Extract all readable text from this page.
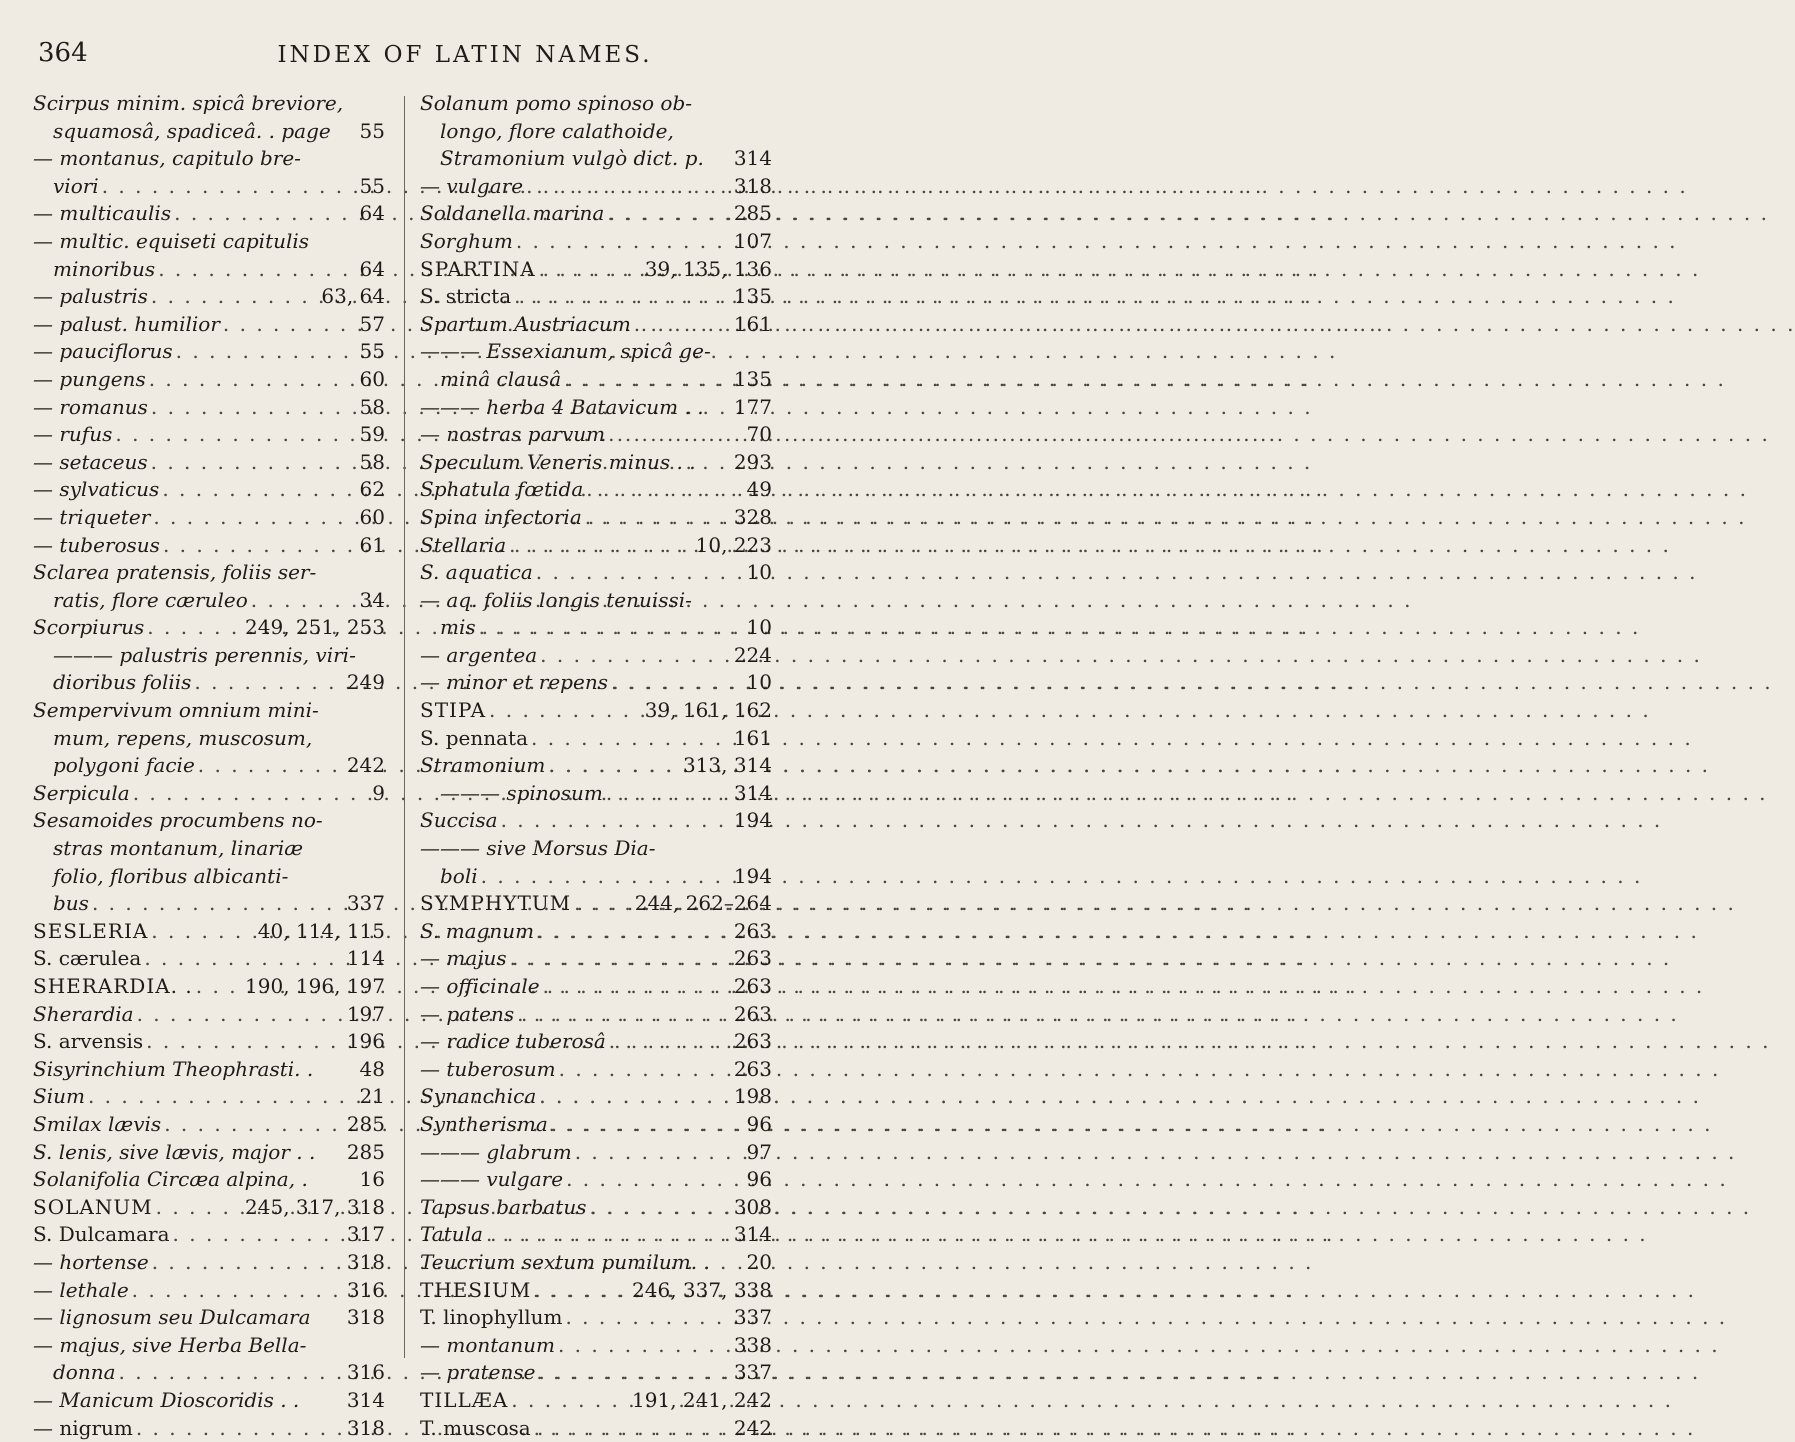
364	INDEX OF LATIN NAMES.
Scirpus minim. spicâ breviore,
squamosâ, spadiceâ. . page 55
— montanus, capitulo bre-
viori . . .	55
— multicaulis . . .	64
— multic. equiseti capitulis
minoribus . . .	64
— palustris . . .	63, 64
— palust. humilior . . .	57
— pauciflorus . . .	55
— pungens . . .	60
— romanus . . .	58
— rufus . . .	59
— setaceus . . .	58
— sylvaticus . . .	62
— triqueter . . .	60
— tuberosus . . .	61
Sclarea pratensis, foliis ser-
ratis, flore cæruleo . . .	34
Scorpiurus . . .	249, 251, 253
——— palustris perennis, viri-
dioribus foliis . . .	249
Sempervivum omnium mini-
mum, repens, muscosum,
polygoni facie . . .	242
Serpicula . . .	9
Sesamoides procumbens no-
stras montanum, linariæ
folio, floribus albicanti-
bus . . .	337
SESLERIA . . .	40, 114, 115
S. cærulea . . .	114
SHERARDIA. . . . .	190, 196, 197
Sherardia . . .	197
S. arvensis . . .	196
Sisyrinchium Theophrasti. . 48
Sium . . .	21
Smilax lævis . . .	285
S. lenis, sive lævis, major . . 285
Solanifolia Circæa alpina, .	16
SOLANUM . . .	245, 317, 318
S. Dulcamara . . .	317
— hortense . . .	318
— lethale . . .	316
— lignosum seu Dulcamara 318
— majus, sive Herba Bella-
donna . . .	316
— Manicum Dioscoridis . . 314
— nigrum . . .	318
Solanum pomo spinoso ob-
longo, flore calathoide,
Stramonium vulgò dict. p. 314
— vulgare . . .	318
Soldanella marina . . .	285
Sorghum . . .	107
SPARTINA . . .	39, 135, 136
S. stricta . . .	135
Spartum Austriacum . . .	161
——— Essexianum, spicâ ge-
minâ clausâ . . .	135
——— herba 4 Batavicum . . 177
— nostras parvum . . .	70
Speculum Veneris minus . . 293
Sphatula fœtida . . .	49
Spina infectoria . . .	328
Stellaria . . .	10, 223
S. aquatica . . .	10
— aq. foliis longis tenuissi-
mis . . .	10
— argentea . . .	224
— minor et repens . . .	10
STIPA . . .	39, 161, 162
S. pennata . . .	161
Stramonium . . .	313, 314
——— spinosum . . .	314
Succisa . . .	194
——— sive Morsus Dia-
boli . . .	194
SYMPHYTUM . . .	244, 262–264
S. magnum . . .	263
— majus . . .	263
— officinale . . .	263
— patens . . .	263
— radice tuberosâ . . .	263
— tuberosum . . .	263
Synanchica . . .	198
Syntherisma . . .	96
——— glabrum . . .	97
——— vulgare . . .	96
Tapsus barbatus . . .	308
Tatula . . .	314
Teucrium sextum pumilum. . 20
THESIUM . . .	246, 337, 338
T. linophyllum . . .	337
— montanum . . .	338
— pratense . . .	337
TILLÆA . . .	191, 241, 242
T. muscosa . . .	242
